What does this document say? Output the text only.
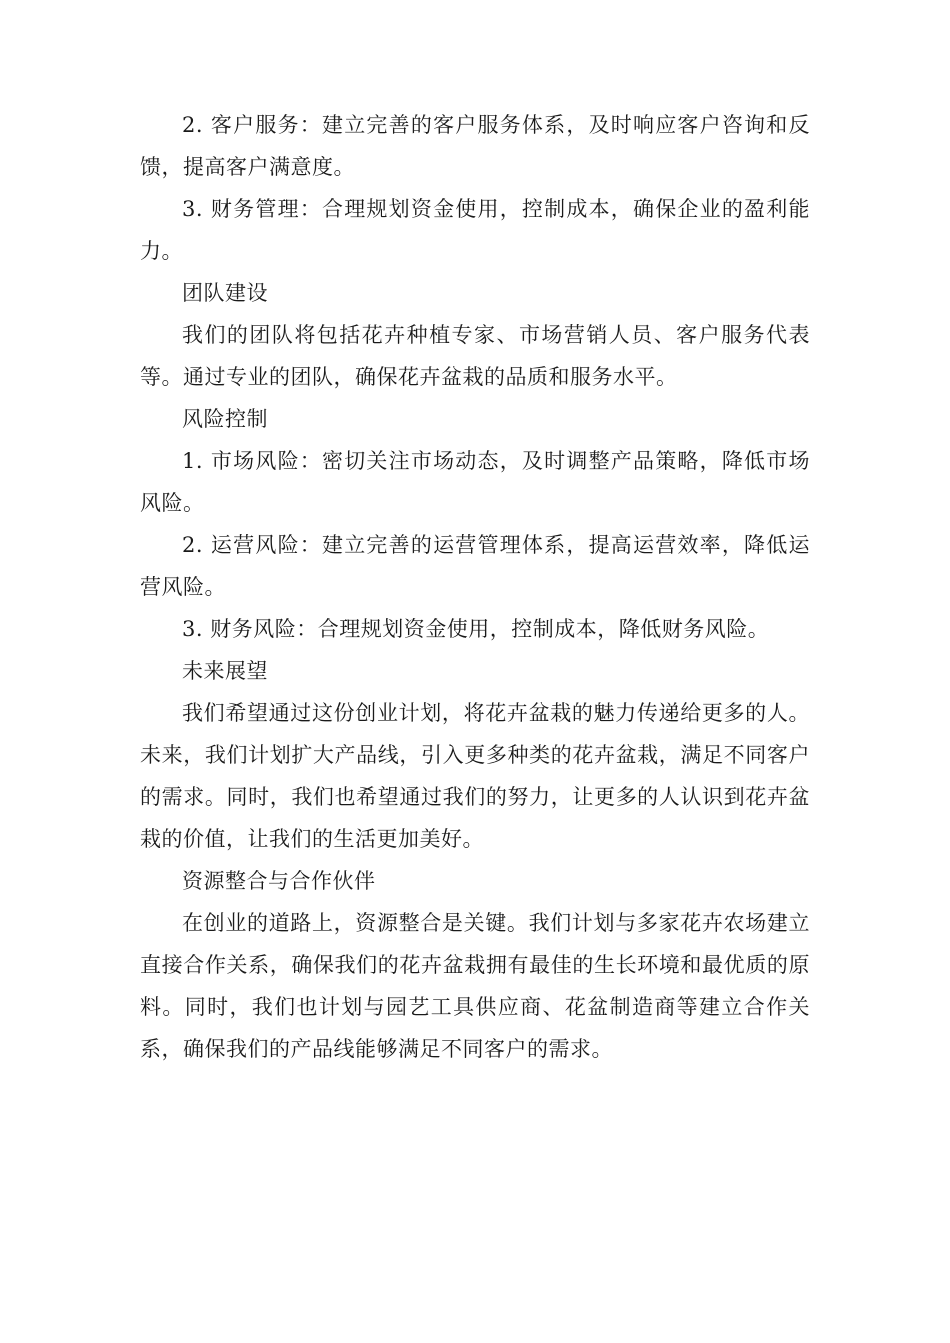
2. 客户服务：建立完善的客户服务体系，及时响应客户咨询和反馈，提高客户满意度。

3. 财务管理：合理规划资金使用，控制成本，确保企业的盈利能力。

团队建设

我们的团队将包括花卉种植专家、市场营销人员、客户服务代表等。通过专业的团队，确保花卉盆栽的品质和服务水平。

风险控制

1. 市场风险：密切关注市场动态，及时调整产品策略，降低市场风险。

2. 运营风险：建立完善的运营管理体系，提高运营效率，降低运营风险。

3. 财务风险：合理规划资金使用，控制成本，降低财务风险。

未来展望

我们希望通过这份创业计划，将花卉盆栽的魅力传递给更多的人。未来，我们计划扩大产品线，引入更多种类的花卉盆栽，满足不同客户的需求。同时，我们也希望通过我们的努力，让更多的人认识到花卉盆栽的价值，让我们的生活更加美好。

资源整合与合作伙伴

在创业的道路上，资源整合是关键。我们计划与多家花卉农场建立直接合作关系，确保我们的花卉盆栽拥有最佳的生长环境和最优质的原料。同时，我们也计划与园艺工具供应商、花盆制造商等建立合作关系，确保我们的产品线能够满足不同客户的需求。
